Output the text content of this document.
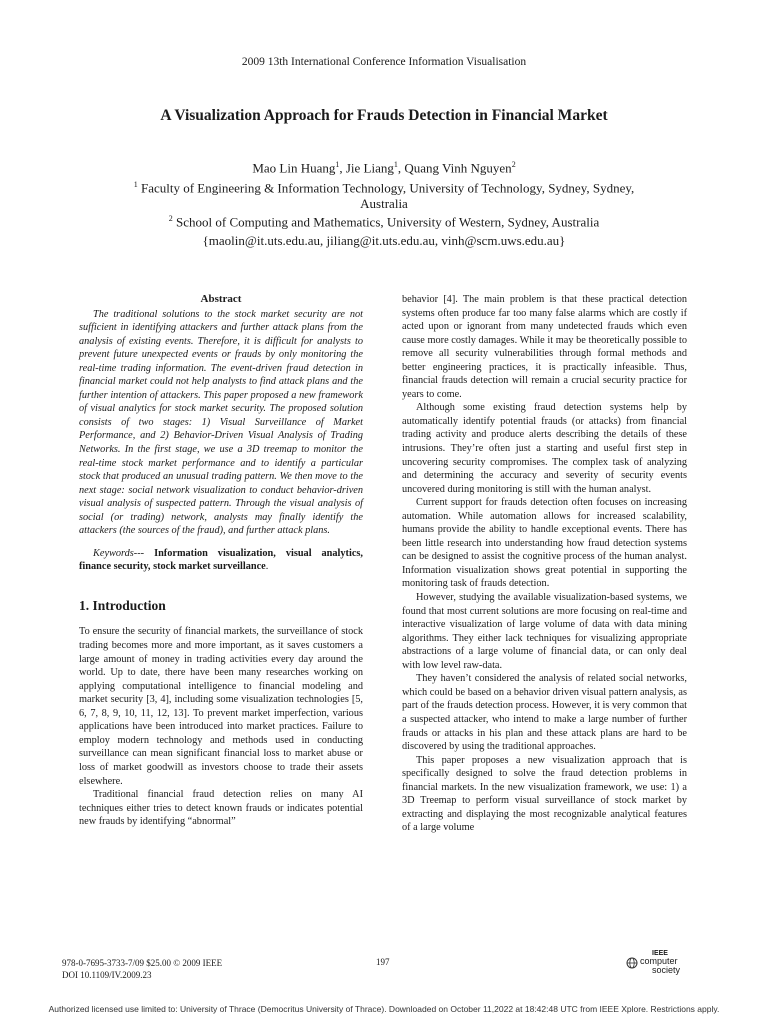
2009 13th International Conference Information Visualisation
A Visualization Approach for Frauds Detection in Financial Market
Mao Lin Huang$^1$, Jie Liang$^1$, Quang Vinh Nguyen$^2$
$^1$ Faculty of Engineering & Information Technology, University of Technology, Sydney, Sydney,
Australia
$^2$ School of Computing and Mathematics, University of Western, Sydney, Australia
{maolin@it.uts.edu.au, jiliang@it.uts.edu.au, vinh@scm.uws.edu.au}

Abstract

The traditional solutions to the stock market security are not sufficient in identifying attackers and further attack plans from the analysis of existing events. Therefore, it is difficult for analysts to prevent future unexpected events or frauds by only monitoring the real-time trading information. The event-driven fraud detection in financial market could not help analysts to find attack plans and the further intention of attackers. This paper proposed a new framework of visual analytics for stock market security. The proposed solution consists of two stages: 1) Visual Surveillance of Market Performance, and 2) Behavior-Driven Visual Analysis of Trading Networks. In the first stage, we use a 3D treemap to monitor the real-time stock market performance and to identify a particular stock that produced an unusual trading pattern. We then move to the next stage: social network visualization to conduct behavior-driven visual analysis of suspected pattern. Through the visual analysis of social (or trading) network, analysts may finally identify the attackers (the sources of the fraud), and further attack plans.

Keywords--- Information visualization, visual analytics, finance security, stock market surveillance.

1. Introduction

To ensure the security of financial markets, the surveillance of stock trading becomes more and more important, as it saves customers a large amount of money in trading activities every day around the world. Up to date, there have been many researches working on applying computational intelligence to financial modeling and market security [3, 4], including some visualization technologies [5, 6, 7, 8, 9, 10, 11, 12, 13]. To prevent market imperfection, various applications have been introduced into market practices. Failure to employ modern technology and methods used in conducting surveillance can mean significant financial loss to market abuse or loss of market goodwill as investors choose to trade their assets elsewhere.

Traditional financial fraud detection relies on many AI techniques either tries to detect known frauds or indicates potential new frauds by identifying “abnormal”

behavior [4]. The main problem is that these practical detection systems often produce far too many false alarms which are costly if acted upon or ignorant from many undetected frauds which even cause more costly damages. While it may be theoretically possible to remove all security vulnerabilities through formal methods and better engineering practices, it is practically infeasible. Thus, financial frauds detection will remain a crucial security practice for years to come.

Although some existing fraud detection systems help by automatically identify potential frauds (or attacks) from financial trading activity and produce alerts describing the details of these intrusions. They’re often just a starting and useful first step in uncovering security compromises. The complex task of analyzing and determining the accuracy and severity of security events uncovered during monitoring is still with the human analyst.

Current support for frauds detection often focuses on increasing automation. While automation allows for increased scalability, humans provide the ability to handle exceptional events. There has been little research into understanding how fraud detection systems can be designed to assist the cognitive process of the human analyst. Information visualization shows great potential in supporting the monitoring task of frauds detection.

However, studying the available visualization-based systems, we found that most current solutions are more focusing on real-time and interactive visualization of large volume of data with data mining algorithms. They either lack techniques for visualizing appropriate abstractions of a large volume of financial data, or can only deal with low level raw-data.

They haven’t considered the analysis of related social networks, which could be based on a behavior driven visual pattern analysis, as part of the frauds detection process. However, it is very common that a suspected attacker, who intend to make a large number of further frauds or attacks in his plan and these attack plans are hard to be discovered by using the traditional approaches.

This paper proposes a new visualization approach that is specifically designed to solve the fraud detection problems in financial markets. In the new visualization framework, we use: 1) a 3D Treemap to perform visual surveillance of stock market by extracting and displaying the most recognizable analytical features of a large volume

978-0-7695-3733-7/09 $25.00 © 2009 IEEE
DOI 10.1109/IV.2009.23
197
IEEE
computer
society
Authorized licensed use limited to: University of Thrace (Democritus University of Thrace). Downloaded on October 11,2022 at 18:42:48 UTC from IEEE Xplore. Restrictions apply.
